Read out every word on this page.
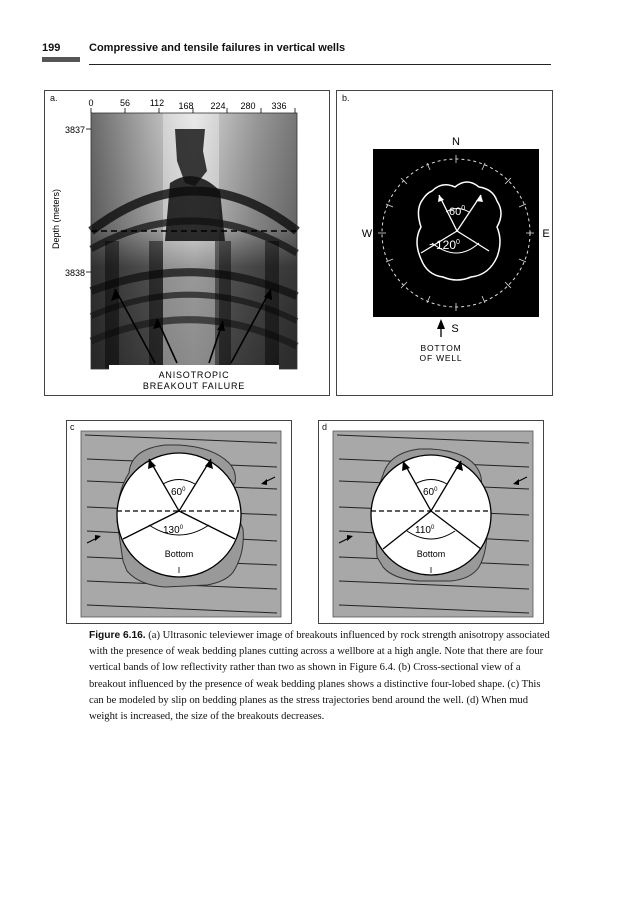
199	Compressive and tensile failures in vertical wells
a.	0	56 112 168 224 280 336
3837
3838
Depth (meters)
ANISOTROPIC
BREAKOUT FAILURE
b.
$60^0$
$\sim 120^0$
N
W	E
S
BOTTOM
OF WELL
c
$60^0$
$130^0$
Bottom
d
$60^0$
$110^0$
Bottom
Figure 6.16. (a) Ultrasonic televiewer image of breakouts influenced by rock strength anisotropy associated with the presence of weak bedding planes cutting across a wellbore at a high angle. Note that there are four vertical bands of low reflectivity rather than two as shown in Figure 6.4. (b) Cross-sectional view of a breakout influenced by the presence of weak bedding planes shows a distinctive four-lobed shape. (c) This can be modeled by slip on bedding planes as the stress trajectories bend around the well. (d) When mud weight is increased, the size of the breakouts decreases.
